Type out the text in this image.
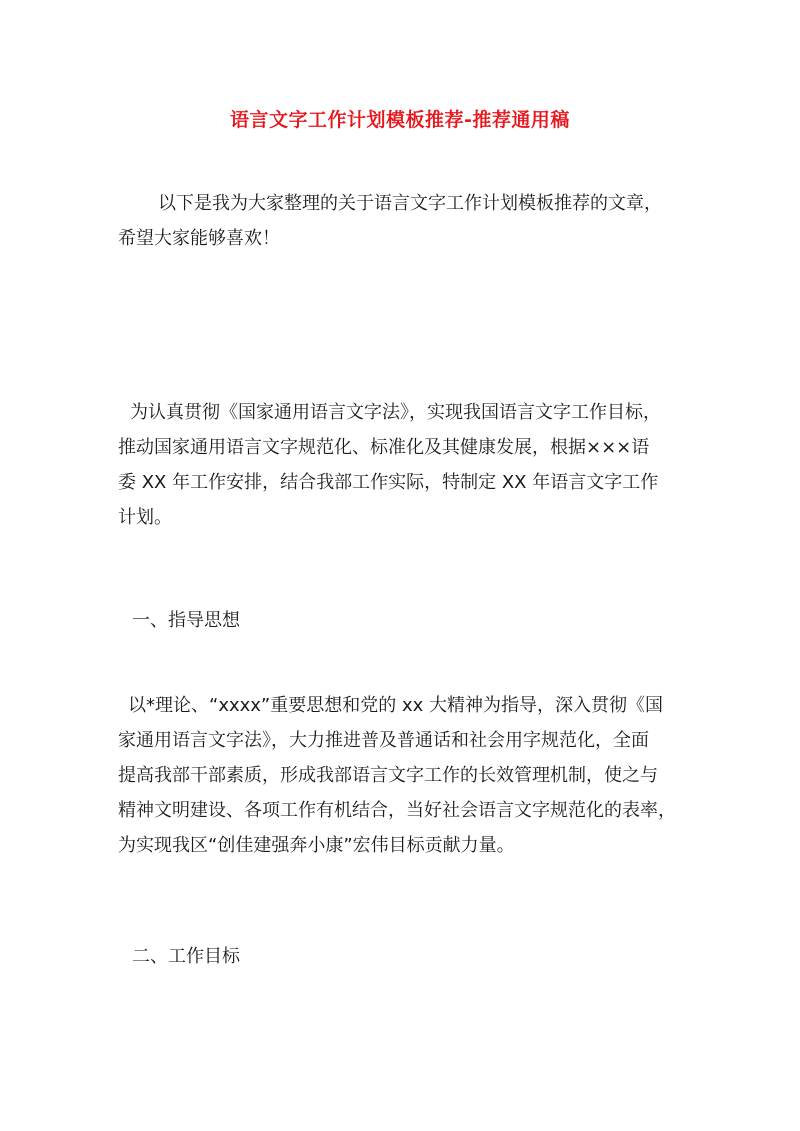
语言文字工作计划模板推荐-推荐通用稿
以下是我为大家整理的关于语言文字工作计划模板推荐的文章，
希望大家能够喜欢！
为认真贯彻《国家通用语言文字法》，实现我国语言文字工作目标，
推动国家通用语言文字规范化、标准化及其健康发展，根据×××语
委 XX 年工作安排，结合我部工作实际，特制定 XX 年语言文字工作
计划。
一、指导思想
以*理论、“xxxx”重要思想和党的 xx 大精神为指导，深入贯彻《国
家通用语言文字法》，大力推进普及普通话和社会用字规范化，全面
提高我部干部素质，形成我部语言文字工作的长效管理机制，使之与
精神文明建设、各项工作有机结合，当好社会语言文字规范化的表率，
为实现我区“创佳建强奔小康”宏伟目标贡献力量。
二、工作目标
